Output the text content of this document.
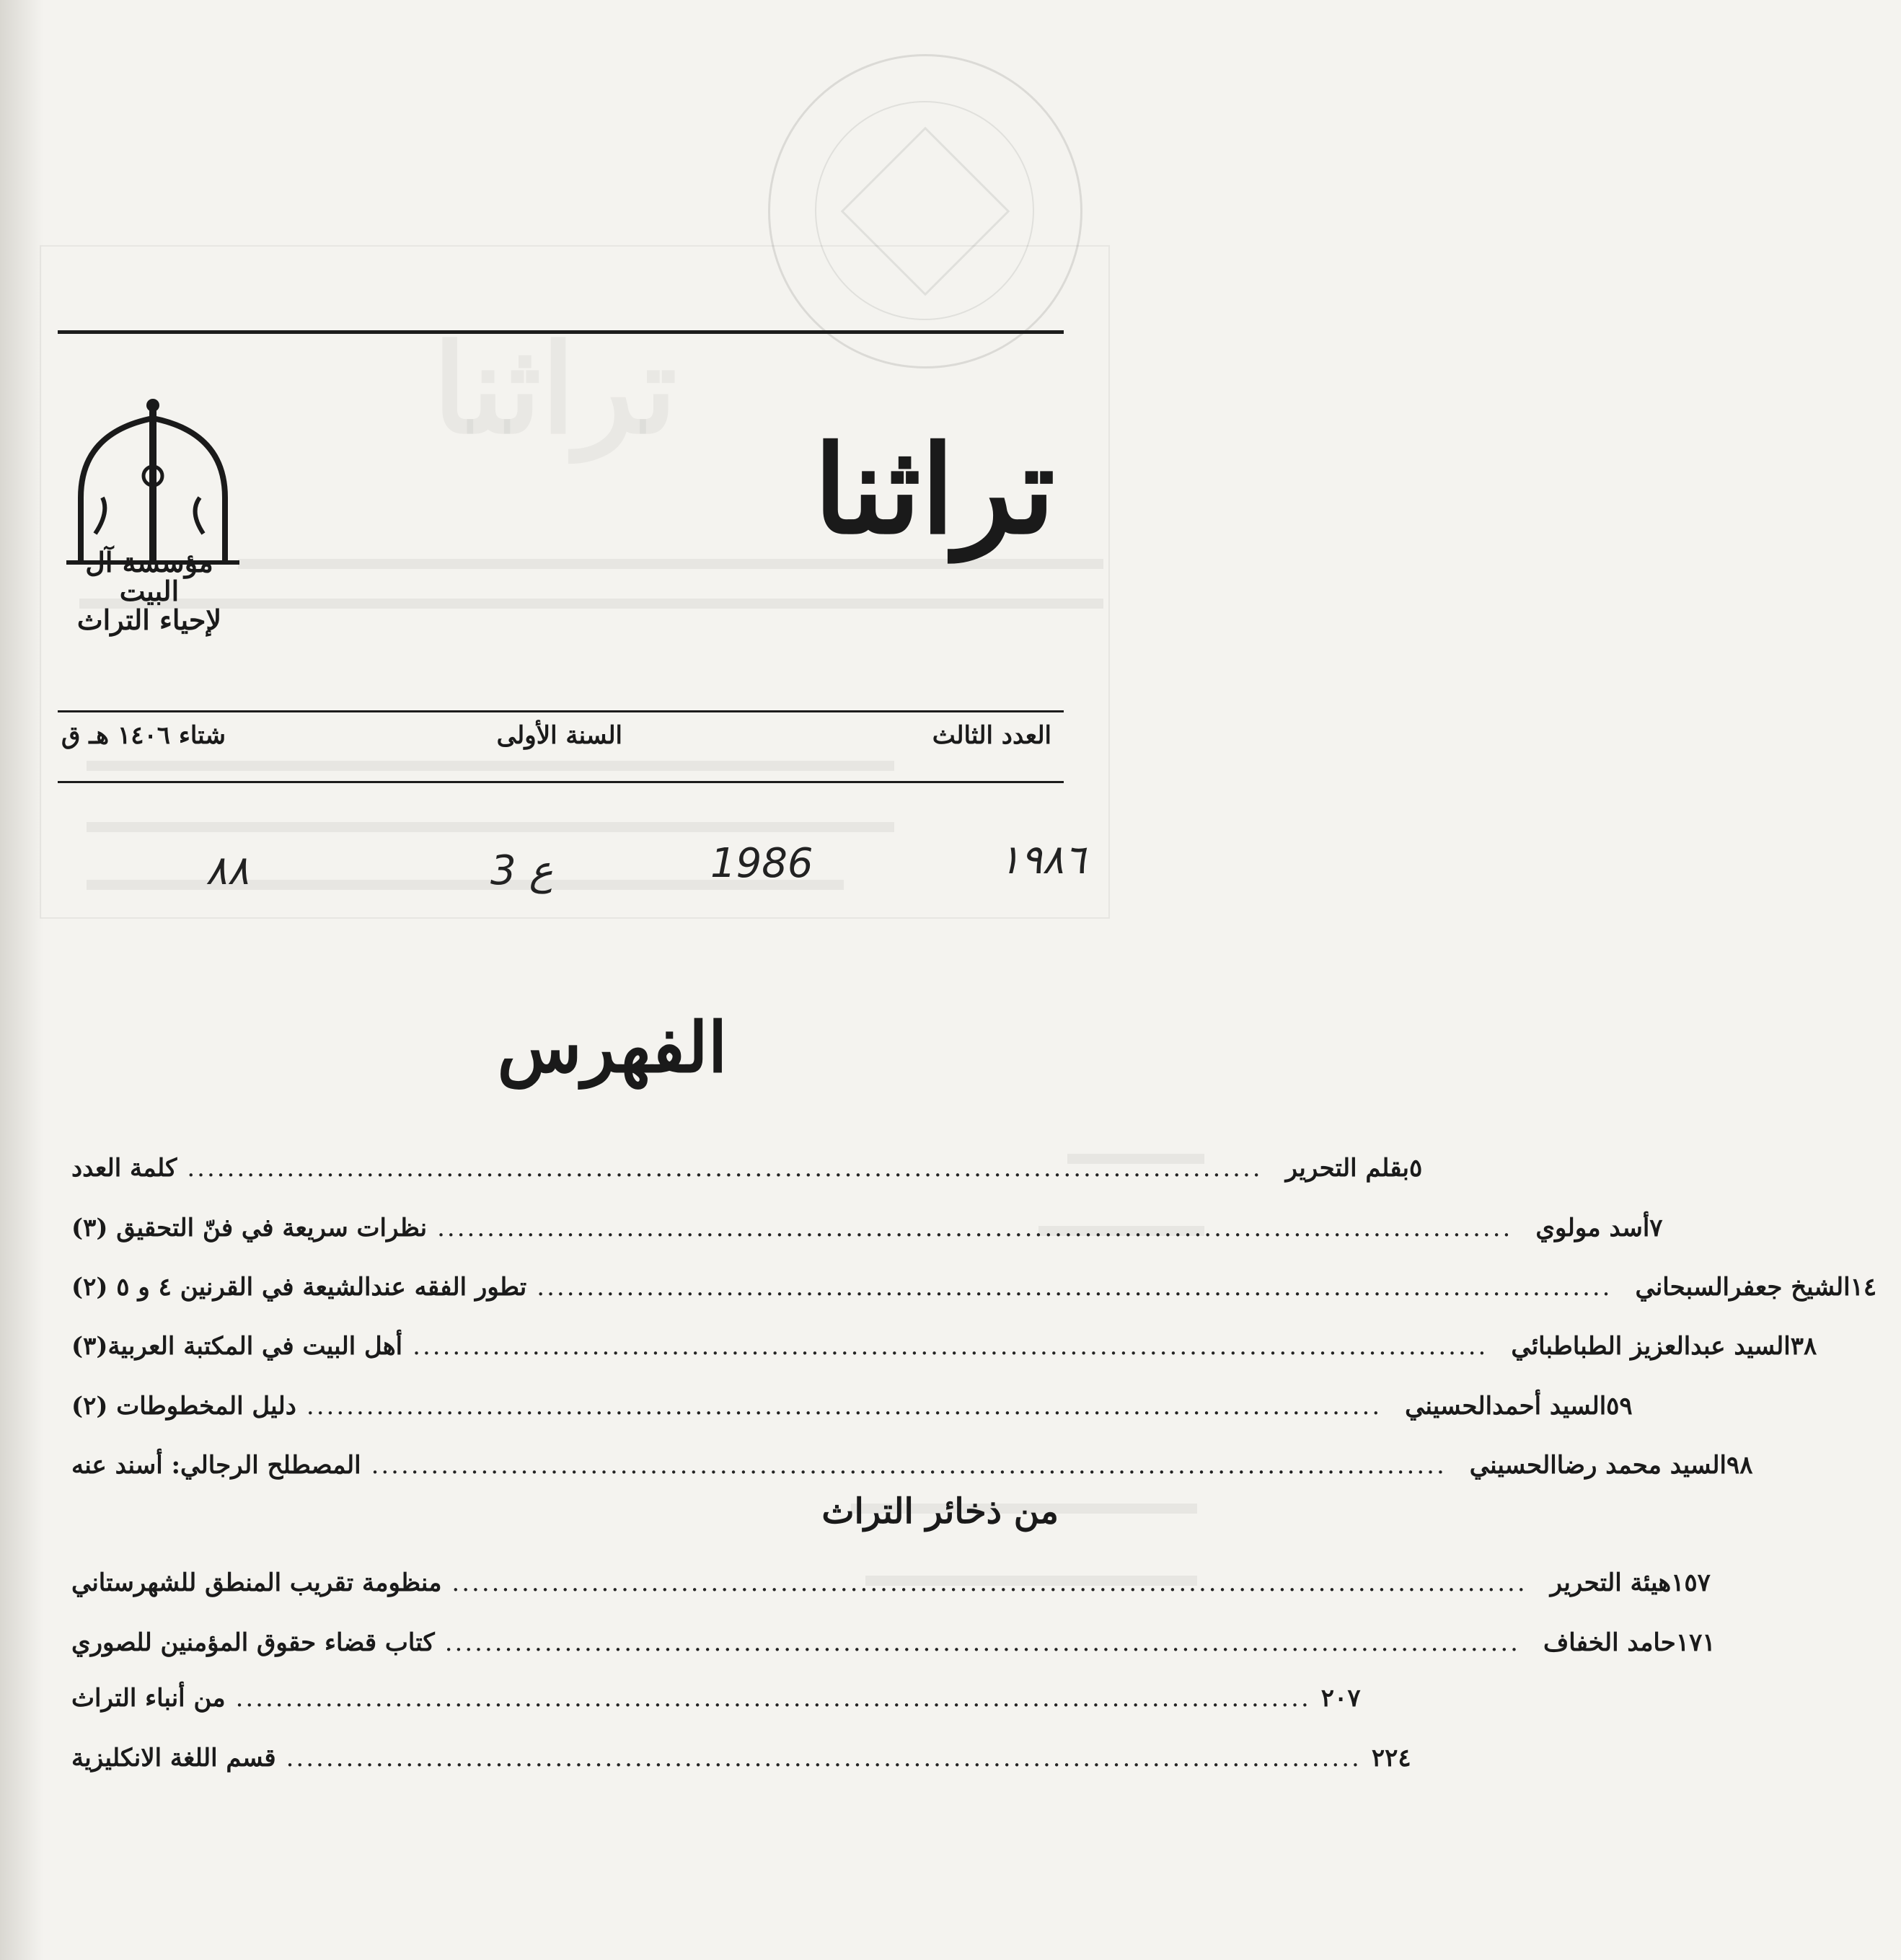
مؤسسة آل البيت
لإحياء التراث
تراثنا
العدد الثالث
السنة الأولى
شتاء ١٤٠٦ هـ ق
٨٨	3 ع	1986	١٩٨٦
الفهرس
كلمة العدد ............................................................................................................ بقلم التحرير ٥
نظرات سريعة في فنّ التحقيق (٣) ............................................................................................................ أسد مولوي ٧
تطور الفقه عندالشيعة في القرنين ٤ و ٥ (٢) ............................................................................................................ الشيخ جعفرالسبحاني ١٤
أهل البيت في المكتبة العربية(٣) ............................................................................................................ السيد عبدالعزيز الطباطبائي ٣٨
دليل المخطوطات (٢) ............................................................................................................ السيد أحمدالحسيني ٥٩
المصطلح الرجالي: أسند عنه ............................................................................................................ السيد محمد رضاالحسيني ٩٨
من ذخائر التراث
منظومة تقريب المنطق للشهرستاني ............................................................................................................ هيئة التحرير ١٥٧
كتاب قضاء حقوق المؤمنين للصوري ............................................................................................................ حامد الخفاف ١٧١
من أنباء التراث ............................................................................................................ ٢٠٧
قسم اللغة الانكليزية ............................................................................................................ ٢٢٤
